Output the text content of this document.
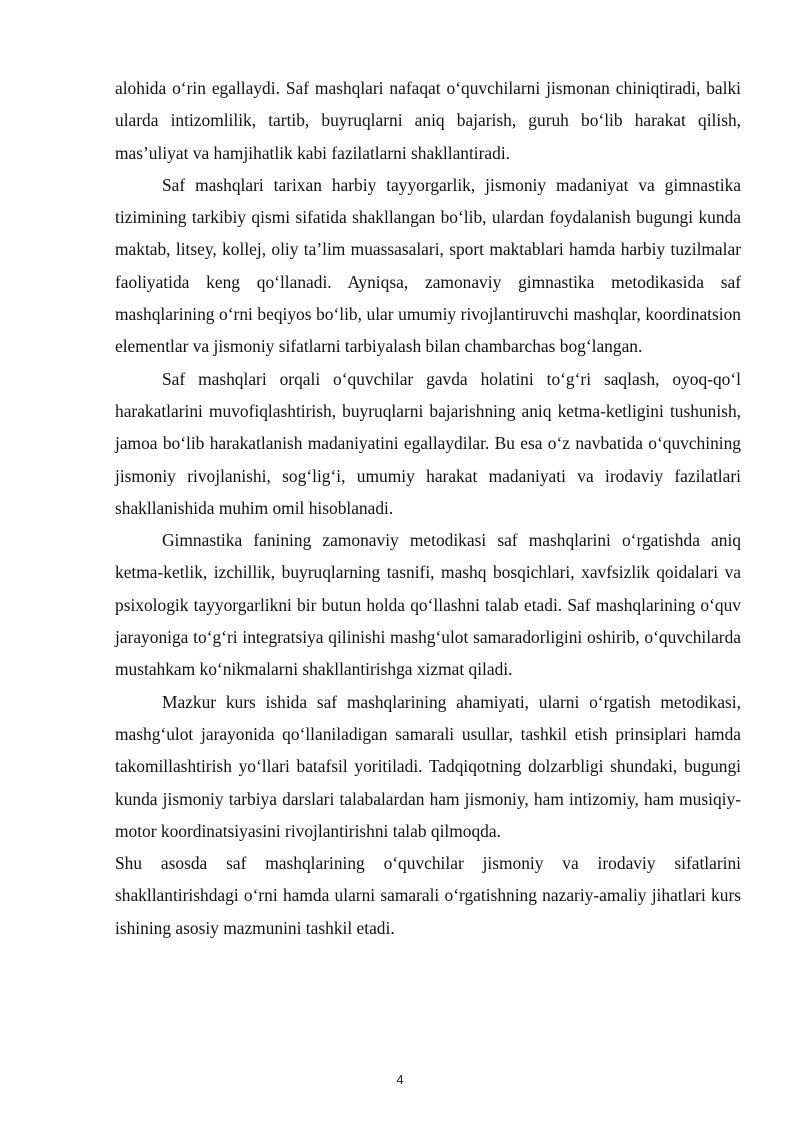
alohida oʻrin egallaydi. Saf mashqlari nafaqat oʻquvchilarni jismonan chiniqtiradi, balki ularda intizomlilik, tartib, buyruqlarni aniq bajarish, guruh boʻlib harakat qilish, masʼuliyat va hamjihatlik kabi fazilatlarni shakllantiradi.

Saf mashqlari tarixan harbiy tayyorgarlik, jismoniy madaniyat va gimnastika tizimining tarkibiy qismi sifatida shakllangan boʻlib, ulardan foydalanish bugungi kunda maktab, litsey, kollej, oliy taʼlim muassasalari, sport maktablari hamda harbiy tuzilmalar faoliyatida keng qoʻllanadi. Ayniqsa, zamonaviy gimnastika metodikasida saf mashqlarining oʻrni beqiyos boʻlib, ular umumiy rivojlantiruvchi mashqlar, koordinatsion elementlar va jismoniy sifatlarni tarbiyalash bilan chambarchas bogʻlangan.

Saf mashqlari orqali oʻquvchilar gavda holatini toʻgʻri saqlash, oyoq-qoʻl harakatlarini muvofiqlashtirish, buyruqlarni bajarishning aniq ketma-ketligini tushunish, jamoa boʻlib harakatlanish madaniyatini egallaydilar. Bu esa oʻz navbatida oʻquvchining jismoniy rivojlanishi, sogʻligʻi, umumiy harakat madaniyati va irodaviy fazilatlari shakllanishida muhim omil hisoblanadi.

Gimnastika fanining zamonaviy metodikasi saf mashqlarini oʻrgatishda aniq ketma-ketlik, izchillik, buyruqlarning tasnifi, mashq bosqichlari, xavfsizlik qoidalari va psixologik tayyorgarlikni bir butun holda qoʻllashni talab etadi. Saf mashqlarining oʻquv jarayoniga toʻgʻri integratsiya qilinishi mashgʻulot samaradorligini oshirib, oʻquvchilarda mustahkam koʻnikmalarni shakllantirishga xizmat qiladi.

Mazkur kurs ishida saf mashqlarining ahamiyati, ularni oʻrgatish metodikasi, mashgʻulot jarayonida qoʻllaniladigan samarali usullar, tashkil etish prinsiplari hamda takomillashtirish yoʻllari batafsil yoritiladi. Tadqiqotning dolzarbligi shundaki, bugungi kunda jismoniy tarbiya darslari talabalardan ham jismoniy, ham intizomiy, ham musiqiy-motor koordinatsiyasini rivojlantirishni talab qilmoqda.

Shu asosda saf mashqlarining oʻquvchilar jismoniy va irodaviy sifatlarini shakllantirishdagi oʻrni hamda ularni samarali oʻrgatishning nazariy-amaliy jihatlari kurs ishining asosiy mazmunini tashkil etadi.

4
